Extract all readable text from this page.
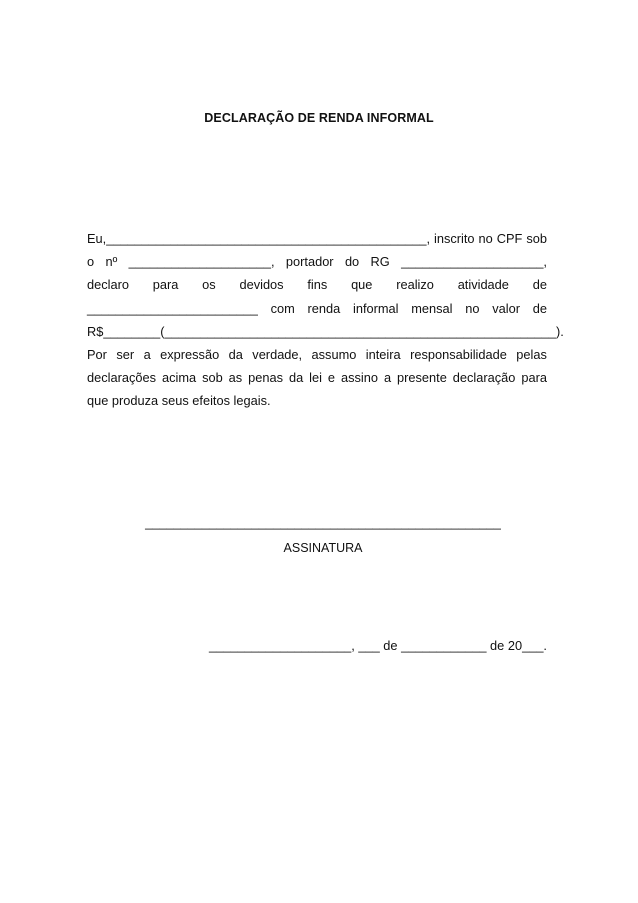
DECLARAÇÃO DE RENDA INFORMAL
Eu,_____________________________________________, inscrito no CPF sob
o nº ____________________, portador do RG ____________________,
declaro para os devidos fins que realizo atividade de
________________________ com renda informal mensal no valor de
R$________ (_______________________________________________________).
Por ser a expressão da verdade, assumo inteira responsabilidade pelas
declarações acima sob as penas da lei e assino a presente declaração para
que produza seus efeitos legais.
__________________________________________________
ASSINATURA
____________________, ___ de ____________ de 20___.
